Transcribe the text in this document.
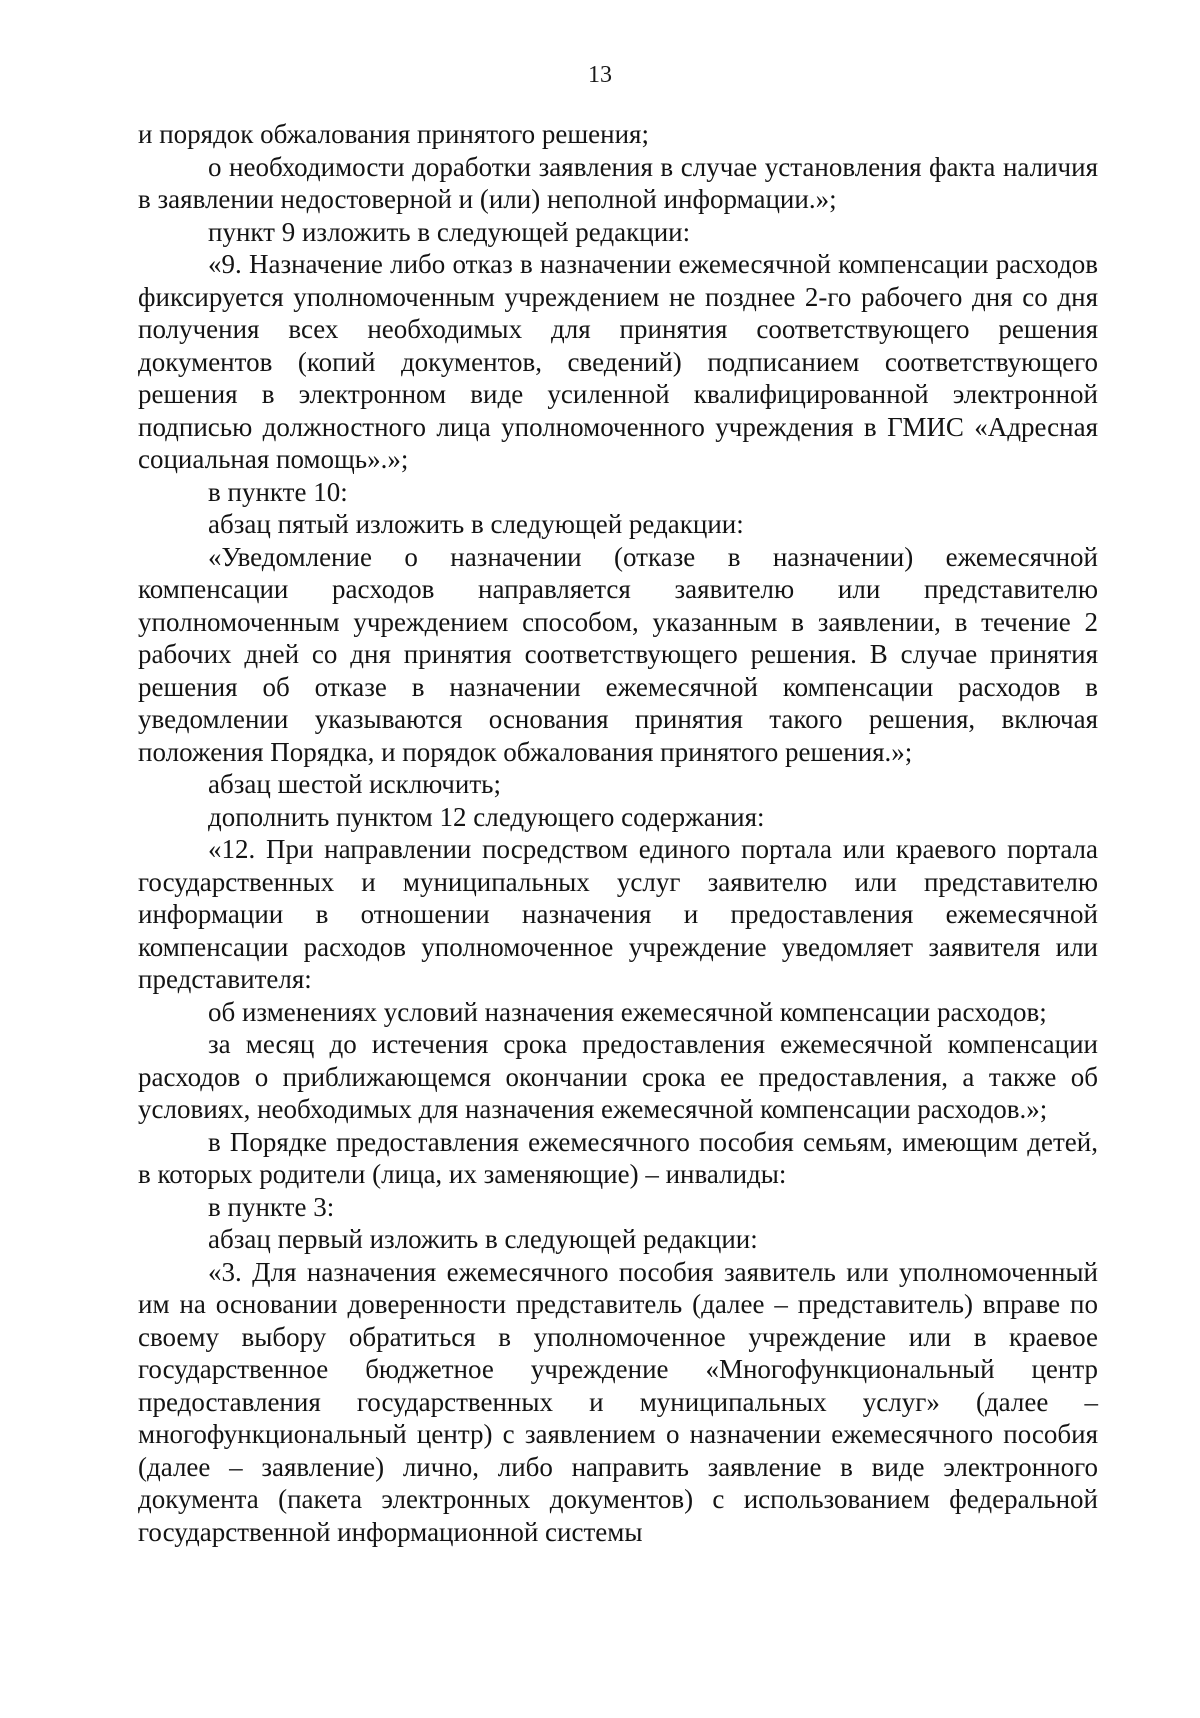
13

и порядок обжалования принятого решения;

о необходимости доработки заявления в случае установления факта наличия в заявлении недостоверной и (или) неполной информации.»;

пункт 9 изложить в следующей редакции:

«9. Назначение либо отказ в назначении ежемесячной компенсации расходов фиксируется уполномоченным учреждением не позднее 2-го рабочего дня со дня получения всех необходимых для принятия соответствующего решения документов (копий документов, сведений) подписанием соответствующего решения в электронном виде усиленной квалифицированной электронной подписью должностного лица уполномоченного учреждения в ГМИС «Адресная социальная помощь».»;

в пункте 10:

абзац пятый изложить в следующей редакции:

«Уведомление о назначении (отказе в назначении) ежемесячной компенсации расходов направляется заявителю или представителю уполномоченным учреждением способом, указанным в заявлении, в течение 2 рабочих дней со дня принятия соответствующего решения. В случае принятия решения об отказе в назначении ежемесячной компенсации расходов в уведомлении указываются основания принятия такого решения, включая положения Порядка, и порядок обжалования принятого решения.»;

абзац шестой исключить;

дополнить пунктом 12 следующего содержания:

«12. При направлении посредством единого портала или краевого портала государственных и муниципальных услуг заявителю или представителю информации в отношении назначения и предоставления ежемесячной компенсации расходов уполномоченное учреждение уведомляет заявителя или представителя:

об изменениях условий назначения ежемесячной компенсации расходов;

за месяц до истечения срока предоставления ежемесячной компенсации расходов о приближающемся окончании срока ее предоставления, а также об условиях, необходимых для назначения ежемесячной компенсации расходов.»;

в Порядке предоставления ежемесячного пособия семьям, имеющим детей, в которых родители (лица, их заменяющие) – инвалиды:

в пункте 3:

абзац первый изложить в следующей редакции:

«3. Для назначения ежемесячного пособия заявитель или уполномоченный им на основании доверенности представитель (далее – представитель) вправе по своему выбору обратиться в уполномоченное учреждение или в краевое государственное бюджетное учреждение «Многофункциональный центр предоставления государственных и муниципальных услуг» (далее – многофункциональный центр) с заявлением о назначении ежемесячного пособия (далее – заявление) лично, либо направить заявление в виде электронного документа (пакета электронных документов) с использованием федеральной государственной информационной системы
